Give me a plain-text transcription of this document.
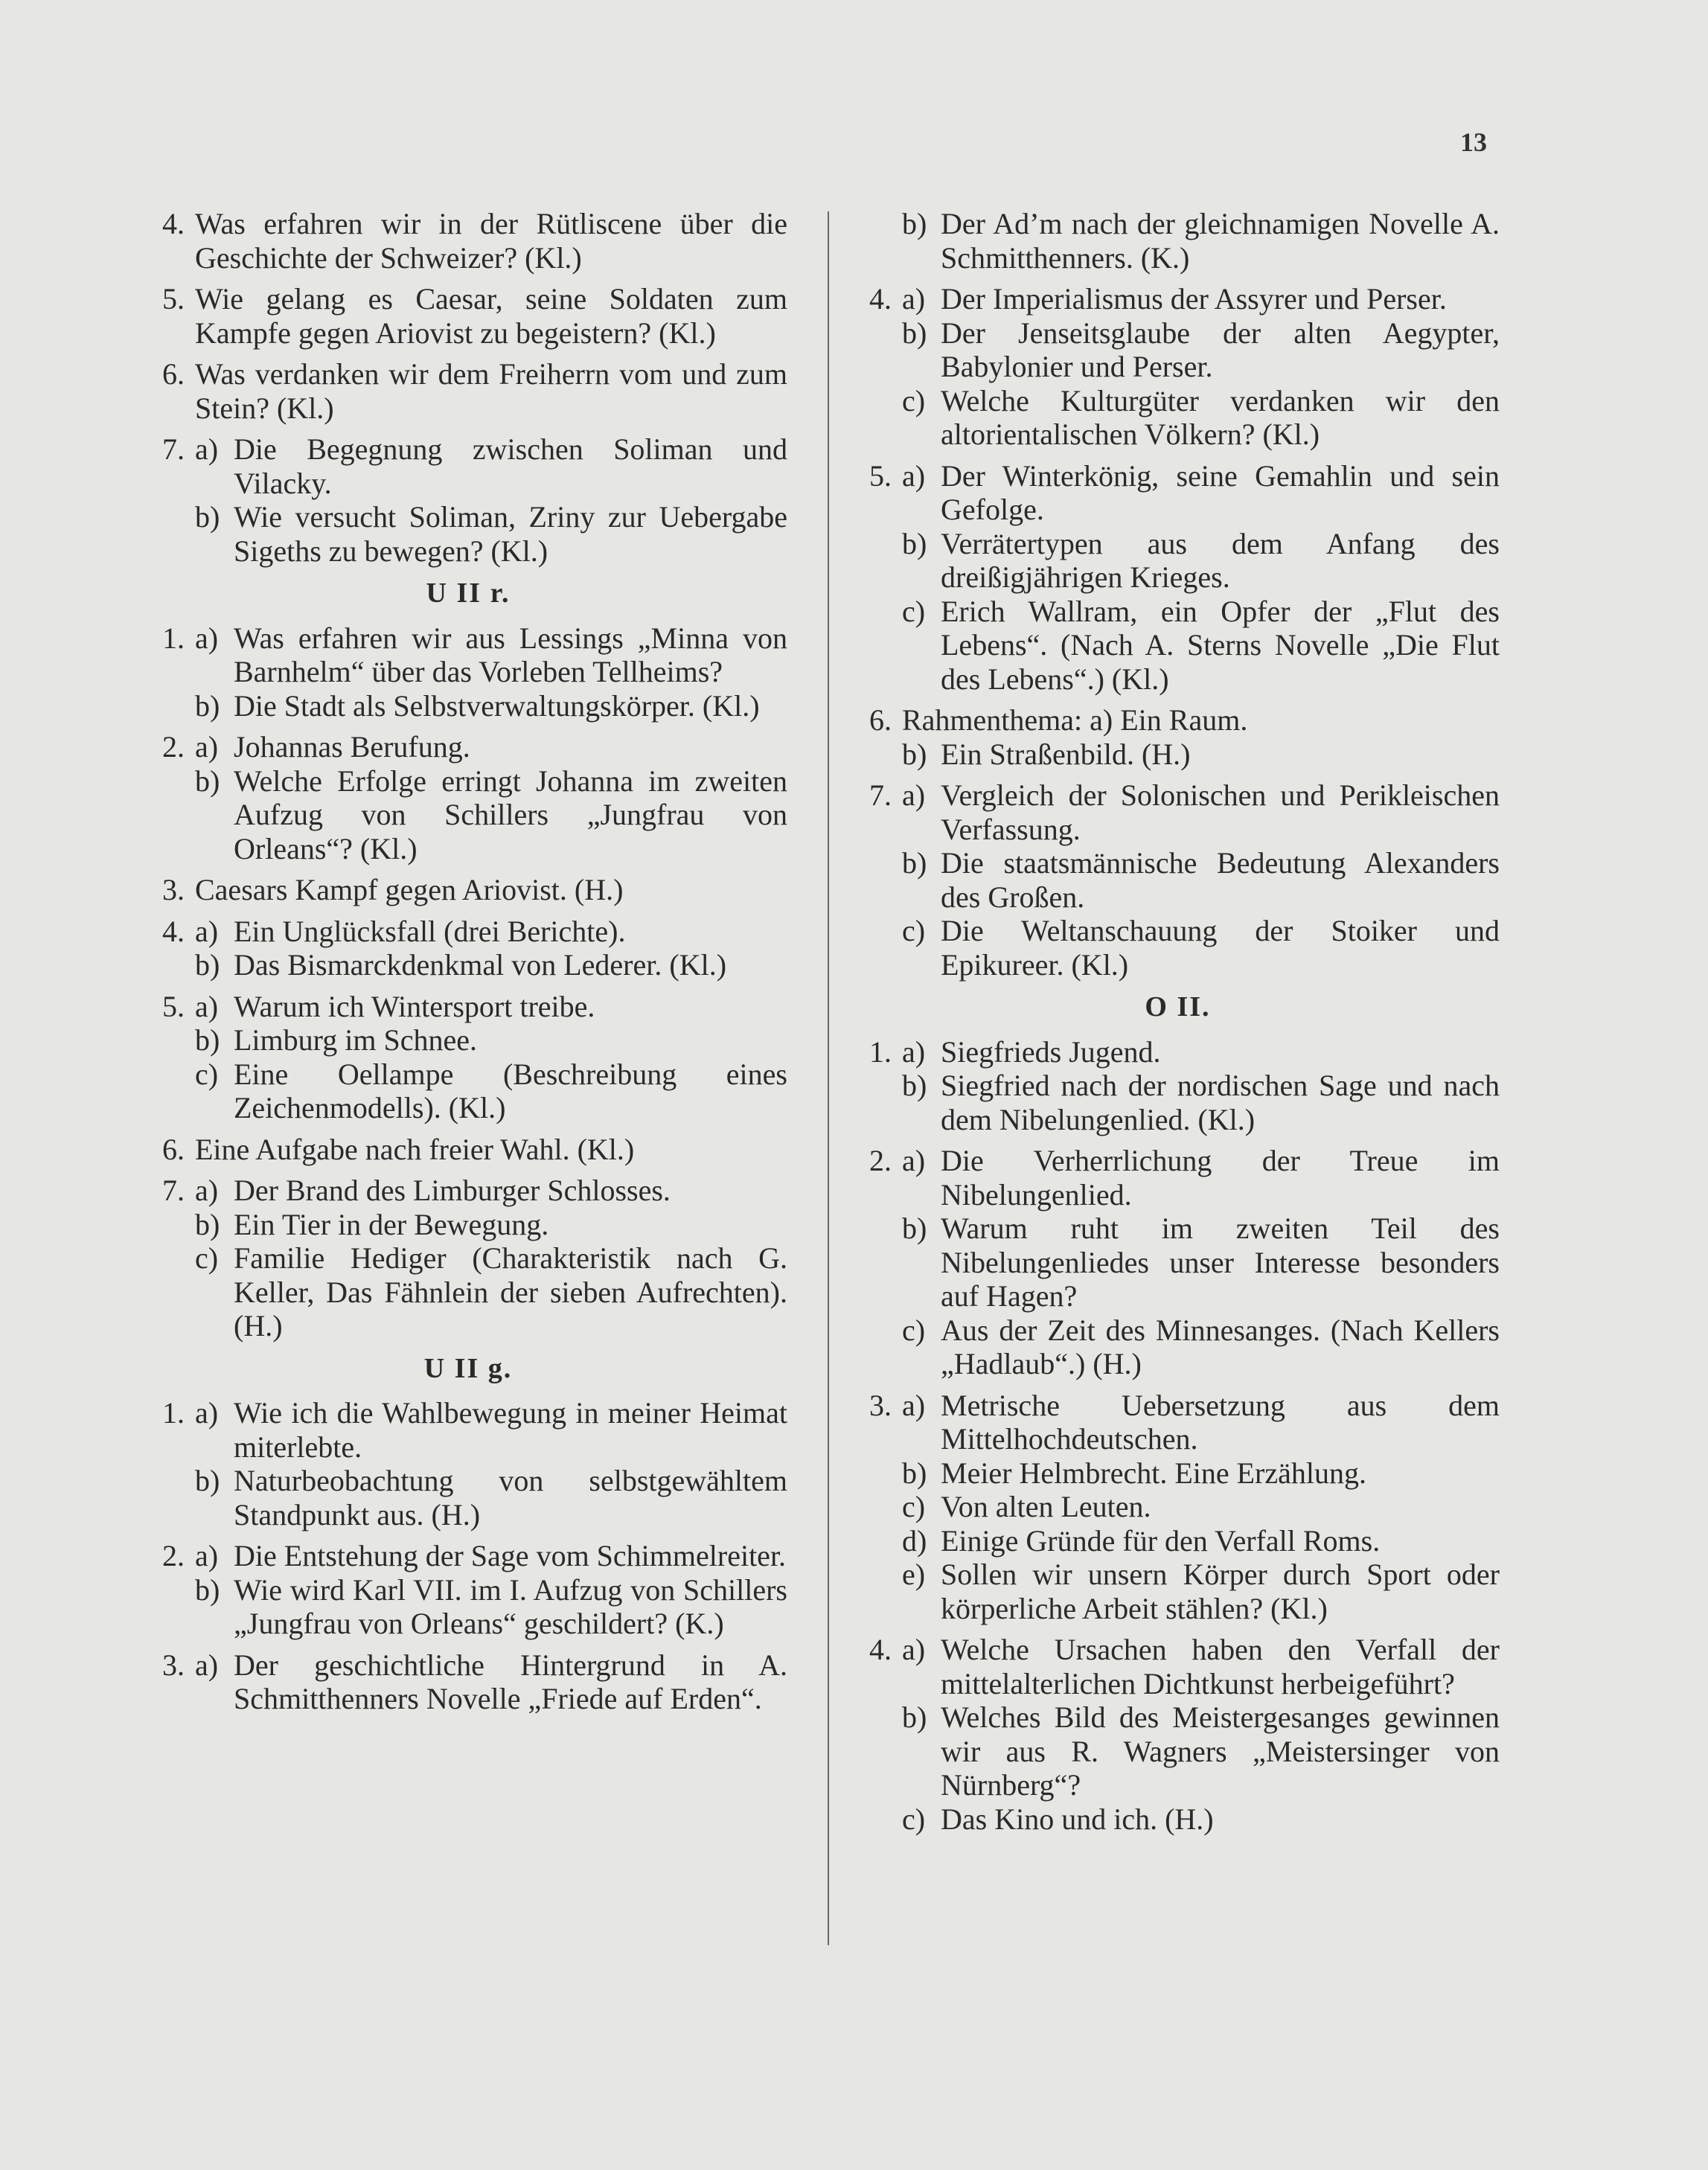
13
4. Was erfahren wir in der Rütliscene über die Geschichte der Schweizer? (Kl.)
5. Wie gelang es Caesar, seine Soldaten zum Kampfe gegen Ariovist zu begeistern? (Kl.)
6. Was verdanken wir dem Freiherrn vom und zum Stein? (Kl.)
7. a) Die Begegnung zwischen Soliman und Vilacky.
b) Wie versucht Soliman, Zriny zur Uebergabe Sigeths zu bewegen? (Kl.)
U II r.
1. a) Was erfahren wir aus Lessings „Minna von Barnhelm“ über das Vorleben Tellheims?
b) Die Stadt als Selbstverwaltungskörper. (Kl.)
2. a) Johannas Berufung.
b) Welche Erfolge erringt Johanna im zweiten Aufzug von Schillers „Jungfrau von Orleans“? (Kl.)
3. Caesars Kampf gegen Ariovist. (H.)
4. a) Ein Unglücksfall (drei Berichte).
b) Das Bismarckdenkmal von Lederer. (Kl.)
5. a) Warum ich Wintersport treibe.
b) Limburg im Schnee.
c) Eine Oellampe (Beschreibung eines Zeichenmodells). (Kl.)
6. Eine Aufgabe nach freier Wahl. (Kl.)
7. a) Der Brand des Limburger Schlosses.
b) Ein Tier in der Bewegung.
c) Familie Hediger (Charakteristik nach G. Keller, Das Fähnlein der sieben Aufrechten). (H.)
U II g.
1. a) Wie ich die Wahlbewegung in meiner Heimat miterlebte.
b) Naturbeobachtung von selbstgewähltem Standpunkt aus. (H.)
2. a) Die Entstehung der Sage vom Schimmelreiter.
b) Wie wird Karl VII. im I. Aufzug von Schillers „Jungfrau von Orleans“ geschildert? (K.)
3. a) Der geschichtliche Hintergrund in A. Schmitthenners Novelle „Friede auf Erden“.
b) Der Ad’m nach der gleichnamigen Novelle A. Schmitthenners. (K.)
4. a) Der Imperialismus der Assyrer und Perser.
b) Der Jenseitsglaube der alten Aegypter, Babylonier und Perser.
c) Welche Kulturgüter verdanken wir den altorientalischen Völkern? (Kl.)
5. a) Der Winterkönig, seine Gemahlin und sein Gefolge.
b) Verrätertypen aus dem Anfang des dreißigjährigen Krieges.
c) Erich Wallram, ein Opfer der „Flut des Lebens“. (Nach A. Sterns Novelle „Die Flut des Lebens“.) (Kl.)
6. Rahmenthema: a) Ein Raum.
b) Ein Straßenbild. (H.)
7. a) Vergleich der Solonischen und Perikleischen Verfassung.
b) Die staatsmännische Bedeutung Alexanders des Großen.
c) Die Weltanschauung der Stoiker und Epikureer. (Kl.)
O II.
1. a) Siegfrieds Jugend.
b) Siegfried nach der nordischen Sage und nach dem Nibelungenlied. (Kl.)
2. a) Die Verherrlichung der Treue im Nibelungenlied.
b) Warum ruht im zweiten Teil des Nibelungenliedes unser Interesse besonders auf Hagen?
c) Aus der Zeit des Minnesanges. (Nach Kellers „Hadlaub“.) (H.)
3. a) Metrische Uebersetzung aus dem Mittelhochdeutschen.
b) Meier Helmbrecht. Eine Erzählung.
c) Von alten Leuten.
d) Einige Gründe für den Verfall Roms.
e) Sollen wir unsern Körper durch Sport oder körperliche Arbeit stählen? (Kl.)
4. a) Welche Ursachen haben den Verfall der mittelalterlichen Dichtkunst herbeigeführt?
b) Welches Bild des Meistergesanges gewinnen wir aus R. Wagners „Meistersinger von Nürnberg“?
c) Das Kino und ich. (H.)
